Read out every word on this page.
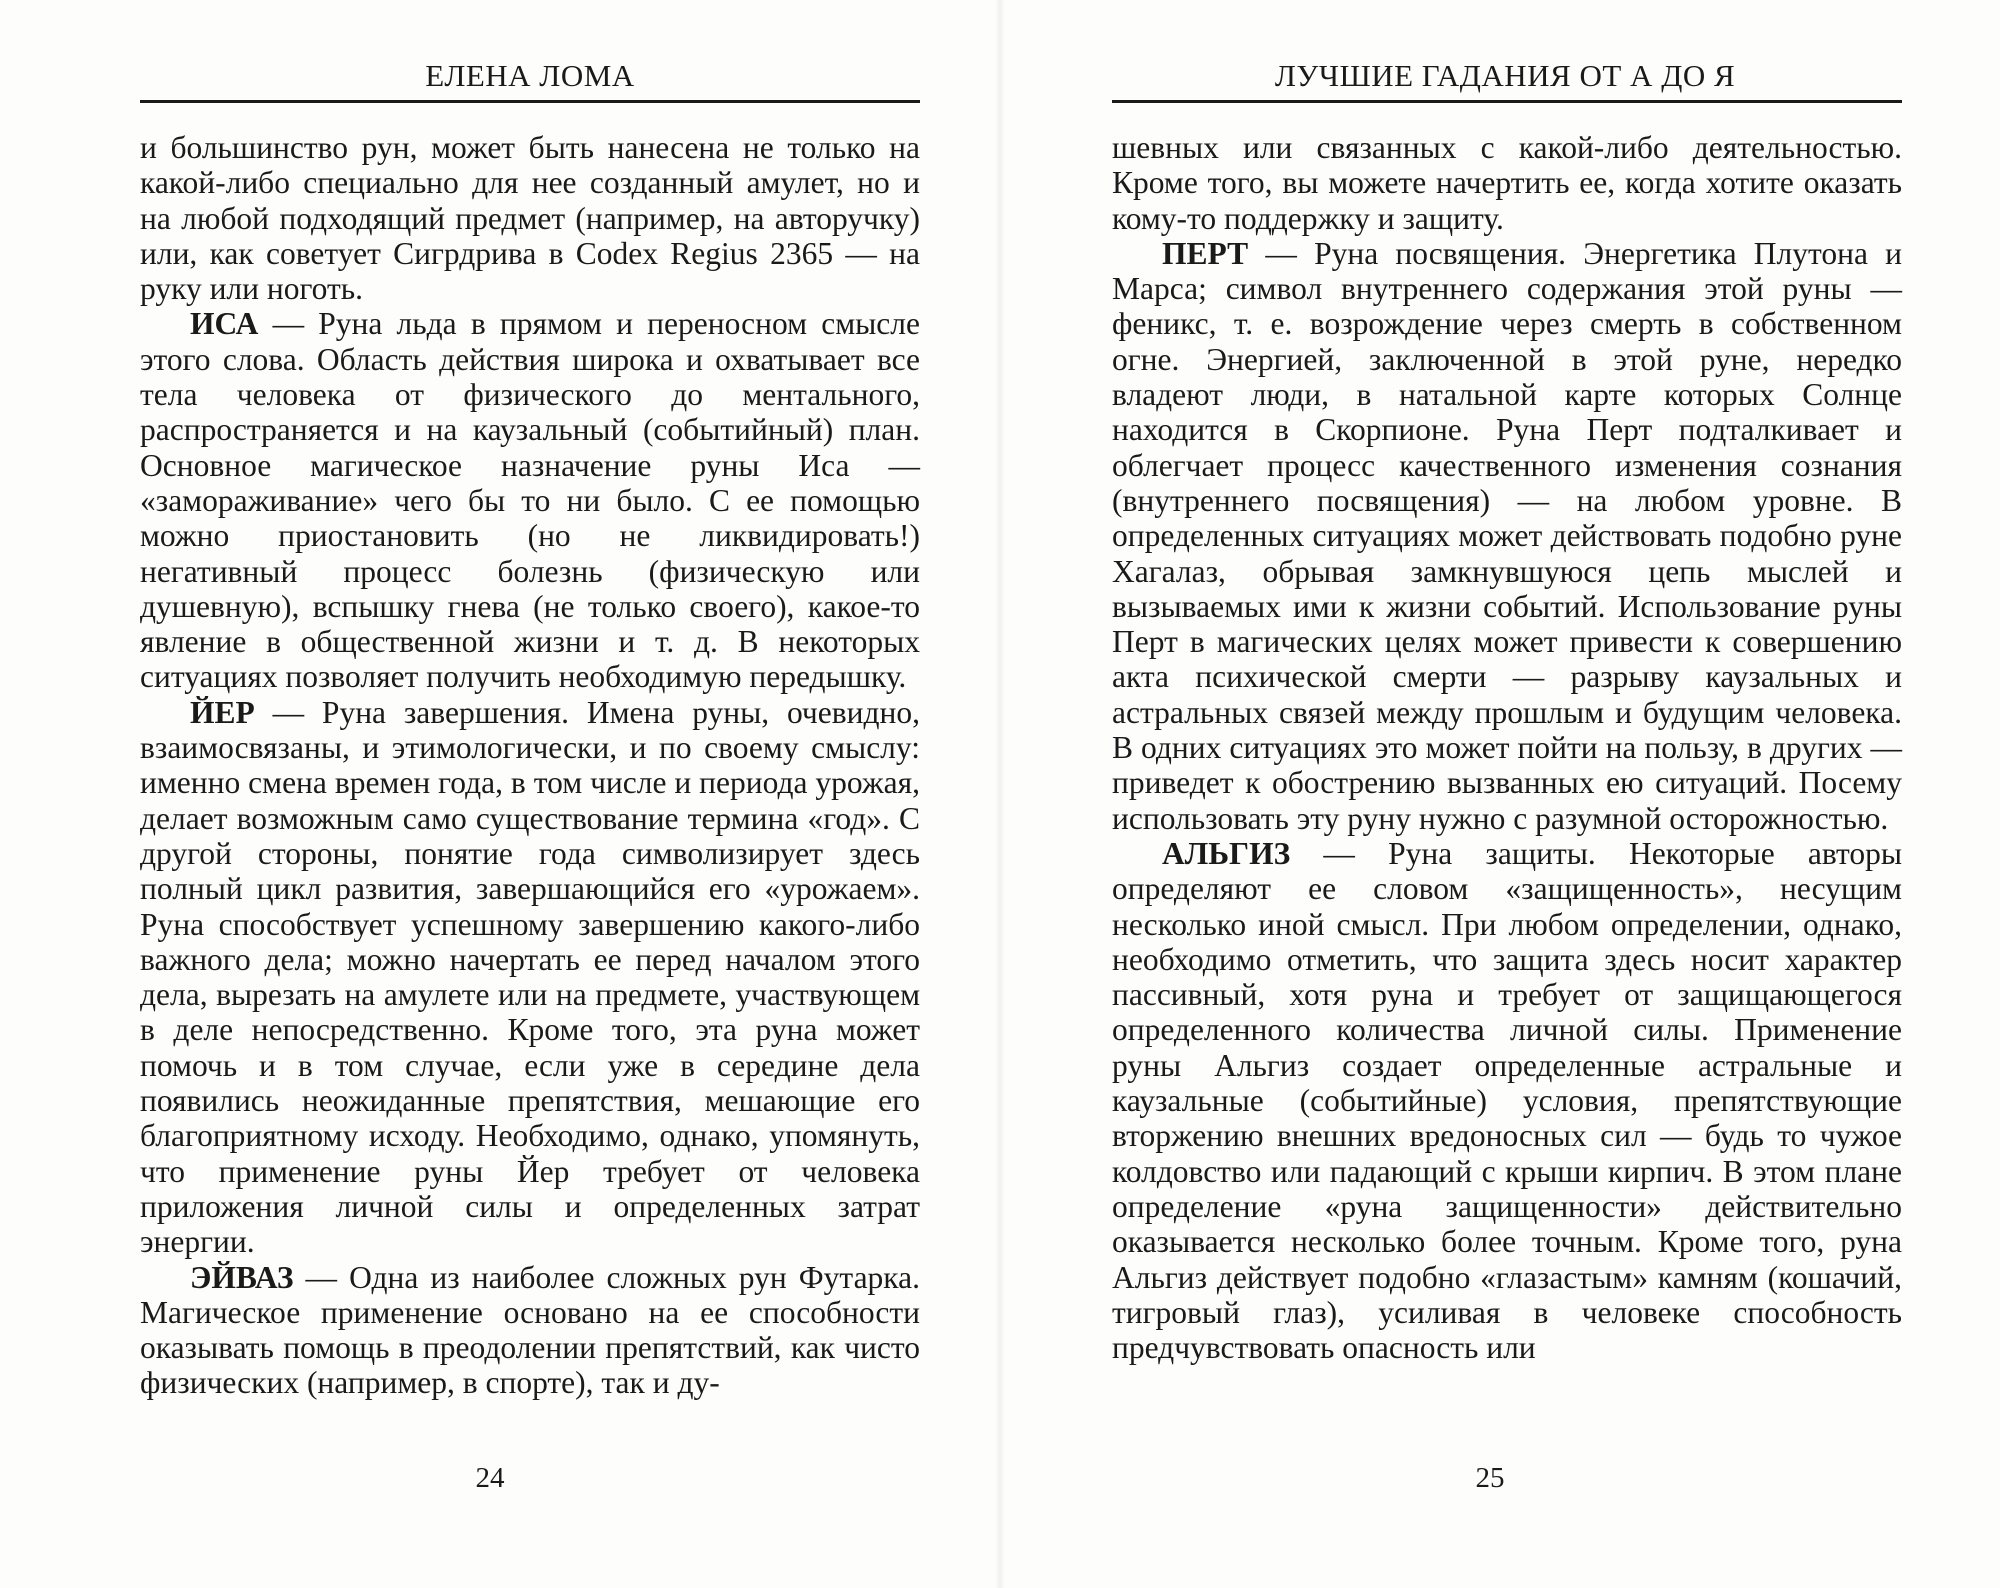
ЕЛЕНА ЛОМА

и большинство рун, может быть нанесена не только на какой-либо специально для нее созданный амулет, но и на любой подходящий предмет (например, на авторучку) или, как советует Сигрдрива в Codex Regius 2365 — на руку или ноготь.

ИСА — Руна льда в прямом и переносном смысле этого слова. Область действия широка и охватывает все тела человека от физического до ментального, распространяется и на каузальный (событийный) план. Основное магическое назначение руны Иса — «замораживание» чего бы то ни было. С ее помощью можно приостановить (но не ликвидировать!) негативный процесс болезнь (физическую или душевную), вспышку гнева (не только своего), какое-то явление в общественной жизни и т. д. В некоторых ситуациях позволяет получить необходимую передышку.

ЙЕР — Руна завершения. Имена руны, очевидно, взаимосвязаны, и этимологически, и по своему смыслу: именно смена времен года, в том числе и периода урожая, делает возможным само существование термина «год». С другой стороны, понятие года символизирует здесь полный цикл развития, завершающийся его «урожаем». Руна способствует успешному завершению какого-либо важного дела; можно начертать ее перед началом этого дела, вырезать на амулете или на предмете, участвующем в деле непосредственно. Кроме того, эта руна может помочь и в том случае, если уже в середине дела появились неожиданные препятствия, мешающие его благоприятному исходу. Необходимо, однако, упомянуть, что применение руны Йер требует от человека приложения личной силы и определенных затрат энергии.

ЭЙВАЗ — Одна из наиболее сложных рун Футарка. Магическое применение основано на ее способности оказывать помощь в преодолении препятствий, как чисто физических (например, в спорте), так и ду-

24
ЛУЧШИЕ ГАДАНИЯ ОТ А ДО Я

шевных или связанных с какой-либо деятельностью. Кроме того, вы можете начертить ее, когда хотите оказать кому-то поддержку и защиту.

ПЕРТ — Руна посвящения. Энергетика Плутона и Марса; символ внутреннего содержания этой руны — феникс, т. е. возрождение через смерть в собственном огне. Энергией, заключенной в этой руне, нередко владеют люди, в натальной карте которых Солнце находится в Скорпионе. Руна Перт подталкивает и облегчает процесс качественного изменения сознания (внутреннего посвящения) — на любом уровне. В определенных ситуациях может действовать подобно руне Хагалаз, обрывая замкнувшуюся цепь мыслей и вызываемых ими к жизни событий. Использование руны Перт в магических целях может привести к совершению акта психической смерти — разрыву каузальных и астральных связей между прошлым и будущим человека. В одних ситуациях это может пойти на пользу, в других — приведет к обострению вызванных ею ситуаций. Посему использовать эту руну нужно с разумной осторожностью.

АЛЬГИЗ — Руна защиты. Некоторые авторы определяют ее словом «защищенность», несущим несколько иной смысл. При любом определении, однако, необходимо отметить, что защита здесь носит характер пассивный, хотя руна и требует от защищающегося определенного количества личной силы. Применение руны Альгиз создает определенные астральные и каузальные (событийные) условия, препятствующие вторжению внешних вредоносных сил — будь то чужое колдовство или падающий с крыши кирпич. В этом плане определение «руна защищенности» действительно оказывается несколько более точным. Кроме того, руна Альгиз действует подобно «глазастым» камням (кошачий, тигровый глаз), усиливая в человеке способность предчувствовать опасность или

25
